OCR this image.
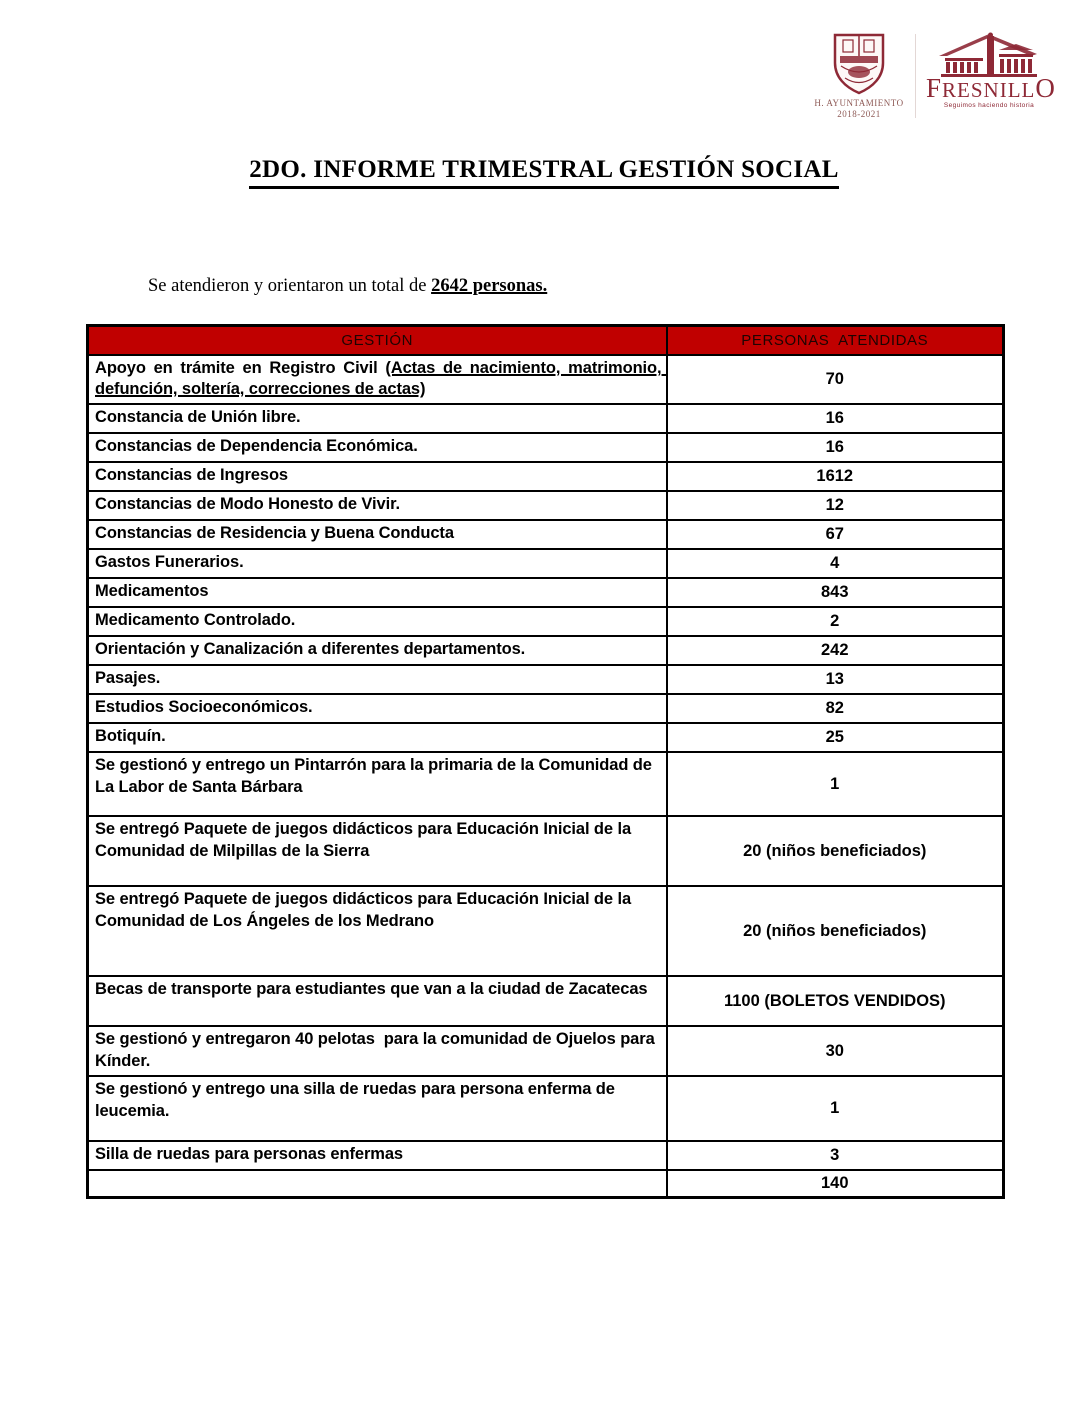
H. AYUNTAMIENTO
2018-2021
FRESNILLO
Seguimos haciendo historia
2DO. INFORME TRIMESTRAL GESTIÓN SOCIAL
Se atendieron y orientaron un total de 2642 personas.
GESTIÓN	PERSONAS  ATENDIDAS
Apoyo en trámite en Registro Civil (Actas de nacimiento, matrimonio, defunción, soltería, correcciones de actas)	70
Constancia de Unión libre.	16
Constancias de Dependencia Económica.	16
Constancias de Ingresos	1612
Constancias de Modo Honesto de Vivir.	12
Constancias de Residencia y Buena Conducta	67
Gastos Funerarios.	4
Medicamentos	843
Medicamento Controlado.	2
Orientación y Canalización a diferentes departamentos.	242
Pasajes.	13
Estudios Socioeconómicos.	82
Botiquín.	25
Se gestionó y entrego un Pintarrón para la primaria de la Comunidad de La Labor de Santa Bárbara	1
Se entregó Paquete de juegos didácticos para Educación Inicial de la Comunidad de Milpillas de la Sierra	20 (niños beneficiados)
Se entregó Paquete de juegos didácticos para Educación Inicial de la Comunidad de Los Ángeles de los Medrano	20 (niños beneficiados)
Becas de transporte para estudiantes que van a la ciudad de Zacatecas	1100 (BOLETOS VENDIDOS)
Se gestionó y entregaron 40 pelotas  para la comunidad de Ojuelos para Kínder.	30
Se gestionó y entrego una silla de ruedas para persona enferma de leucemia.	1
Silla de ruedas para personas enfermas	3
	140
